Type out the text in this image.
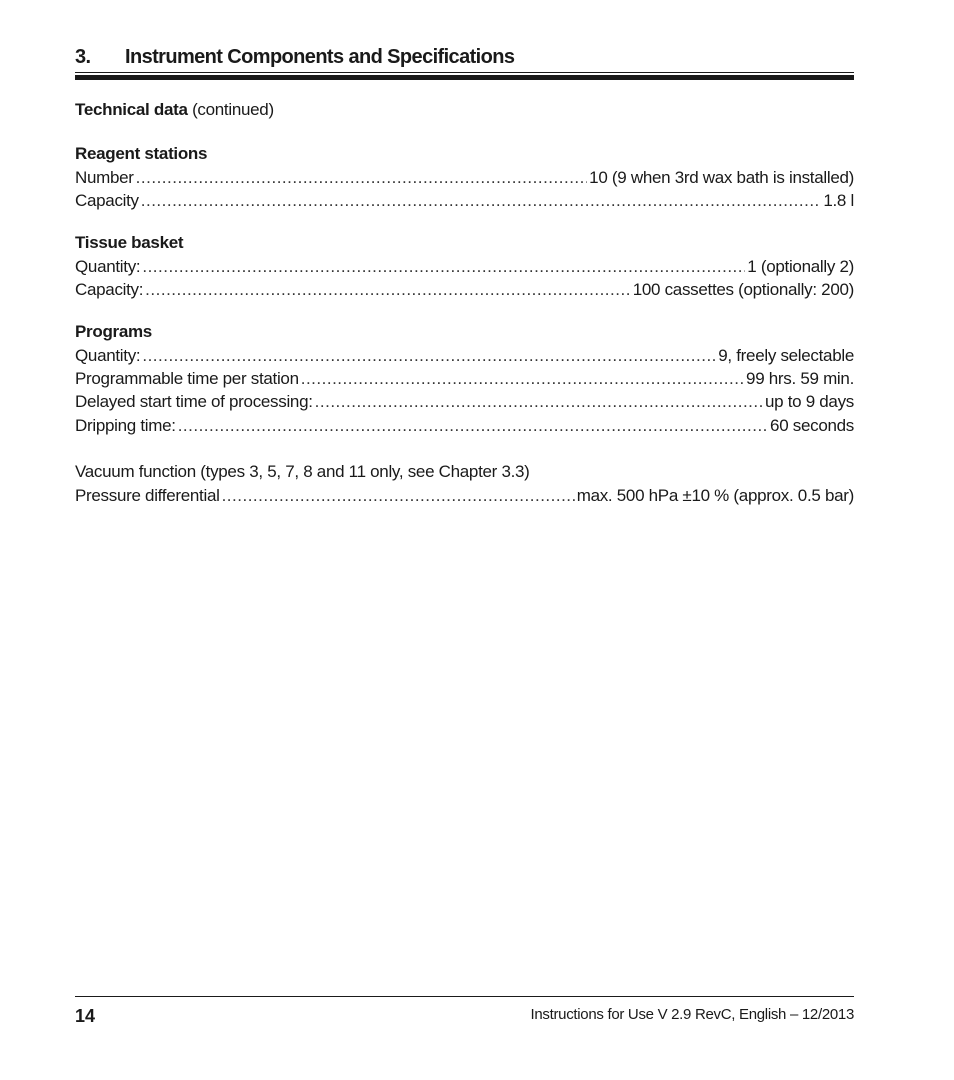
3. Instrument Components and Specifications
Technical data (continued)
Reagent stations
Number .....	10 (9 when 3rd wax bath is installed)
Capacity .....	1.8 l
Tissue basket
Quantity: .....	1 (optionally 2)
Capacity: .....	100 cassettes (optionally: 200)
Programs
Quantity: .....	9, freely selectable
Programmable time per station .....	99 hrs. 59 min.
Delayed start time of processing: .....	up to 9 days
Dripping time: .....	60 seconds
Vacuum function (types 3, 5, 7, 8 and 11 only, see Chapter 3.3)
Pressure differential .....	max. 500 hPa ±10 % (approx. 0.5 bar)
14	Instructions for Use V 2.9 RevC, English – 12/2013
